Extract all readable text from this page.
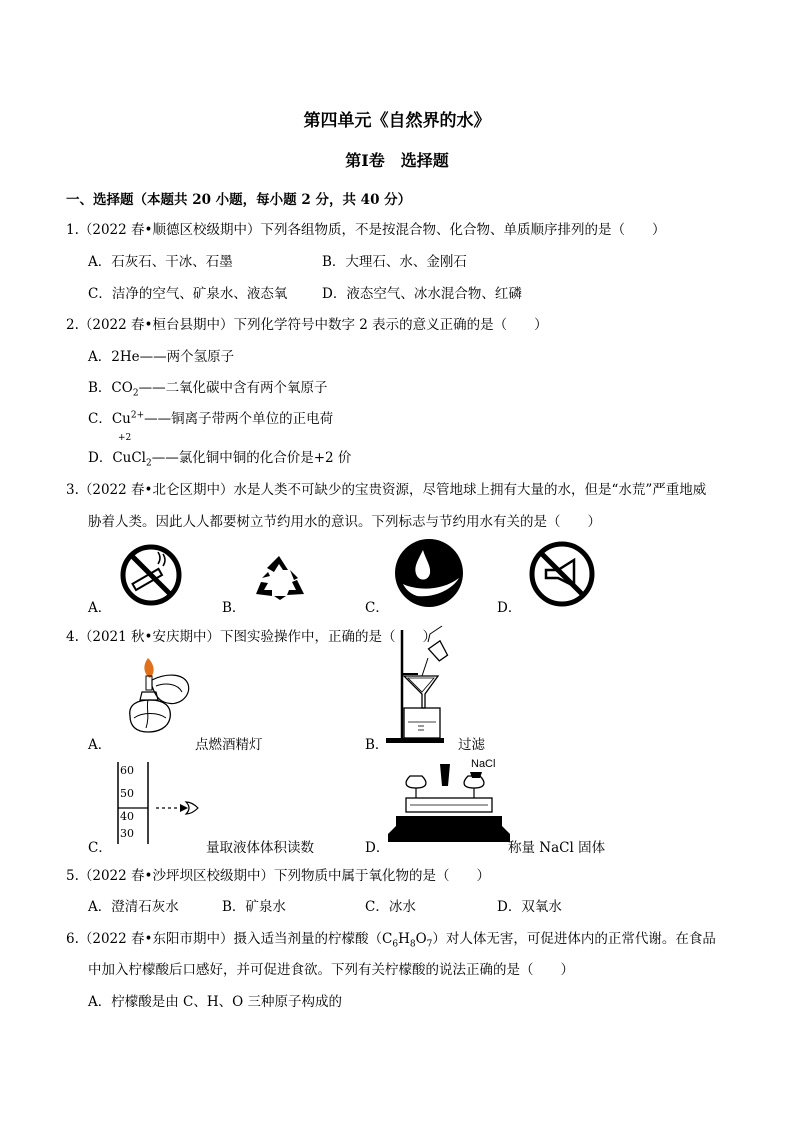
第四单元《自然界的水》
第Ⅰ卷　选择题
一、选择题（本题共 20 小题，每小题 2 分，共 40 分）
1.（2022 春•顺德区校级期中）下列各组物质，不是按混合物、化合物、单质顺序排列的是（　　）
A．石灰石、干冰、石墨	B．大理石、水、金刚石
C．洁净的空气、矿泉水、液态氧	D．液态空气、冰水混合物、红磷
2.（2022 春•桓台县期中）下列化学符号中数字 2 表示的意义正确的是（　　）
A．2He——两个氢原子
B．$CO_2——$二氧化碳中含有两个氧原子
C．$Cu^{2+}——$铜离子带两个单位的正电荷
+2
D．CuCl$_2$——氯化铜中铜的化合价是+2 价
3.（2022 春•北仑区期中）水是人类不可缺少的宝贵资源，尽管地球上拥有大量的水，但是“水荒”严重地威
胁着人类。因此人人都要树立节约用水的意识。下列标志与节约用水有关的是（　　）
A．	B．	C．	D．
4.（2021 秋•安庆期中）下图实验操作中，正确的是（　　）
A．	点燃酒精灯	B．	过滤
60
50
40
30
C．	量取液体体积读数
NaCl
D．	称量 NaCl 固体
5.（2022 春•沙坪坝区校级期中）下列物质中属于氧化物的是（　　）
A．澄清石灰水	B．矿泉水	C．冰水	D．双氧水
6.（2022 春•东阳市期中）摄入适当剂量的柠檬酸$(C_6H_8O_7)$对人体无害，可促进体内的正常代谢。在食品
中加入柠檬酸后口感好，并可促进食欲。下列有关柠檬酸的说法正确的是（　　）
A．柠檬酸是由 C、H、O 三种原子构成的
